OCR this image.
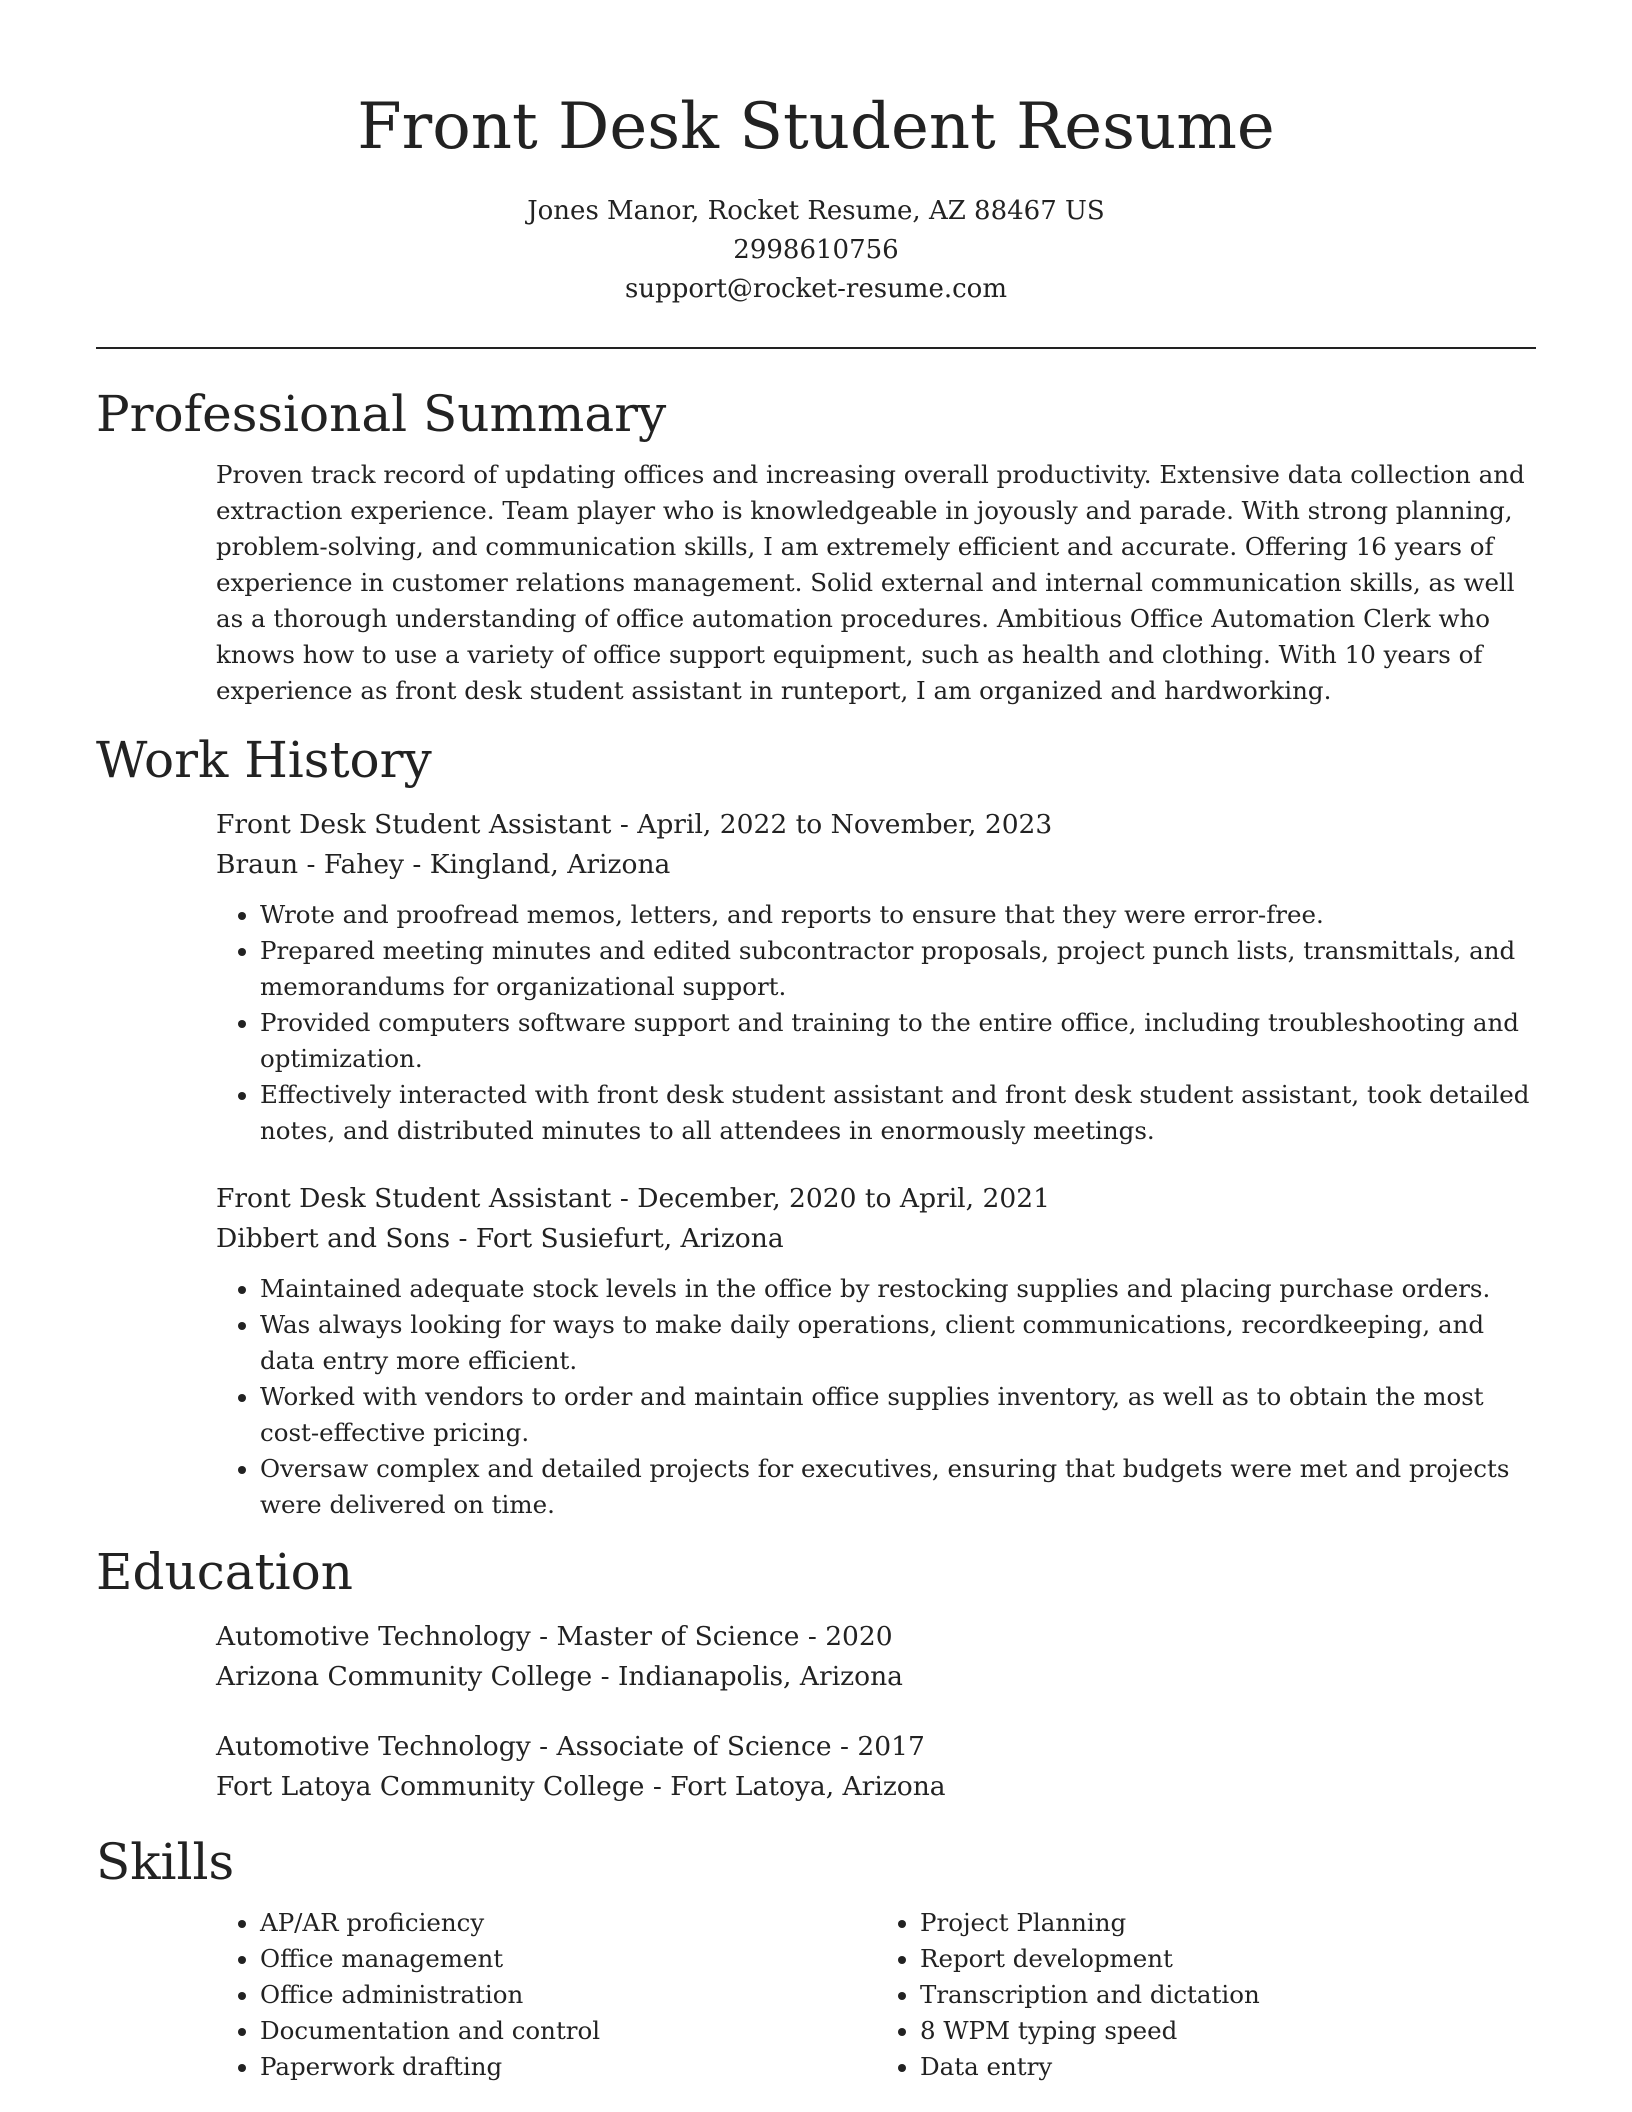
Front Desk Student Resume

Jones Manor, Rocket Resume, AZ 88467 US

2998610756

support@rocket-resume.com

Professional Summary

Proven track record of updating offices and increasing overall productivity. Extensive data collection and extraction experience. Team player who is knowledgeable in joyously and parade. With strong planning, problem-solving, and communication skills, I am extremely efficient and accurate. Offering 16 years of experience in customer relations management. Solid external and internal communication skills, as well as a thorough understanding of office automation procedures. Ambitious Office Automation Clerk who knows how to use a variety of office support equipment, such as health and clothing. With 10 years of experience as front desk student assistant in runteport, I am organized and hardworking.

Work History

Front Desk Student Assistant - April, 2022 to November, 2023

Braun - Fahey - Kingland, Arizona

• Wrote and proofread memos, letters, and reports to ensure that they were error-free.
• Prepared meeting minutes and edited subcontractor proposals, project punch lists, transmittals, and memorandums for organizational support.
• Provided computers software support and training to the entire office, including troubleshooting and optimization.
• Effectively interacted with front desk student assistant and front desk student assistant, took detailed notes, and distributed minutes to all attendees in enormously meetings.

Front Desk Student Assistant - December, 2020 to April, 2021

Dibbert and Sons - Fort Susiefurt, Arizona

• Maintained adequate stock levels in the office by restocking supplies and placing purchase orders.
• Was always looking for ways to make daily operations, client communications, recordkeeping, and data entry more efficient.
• Worked with vendors to order and maintain office supplies inventory, as well as to obtain the most cost-effective pricing.
• Oversaw complex and detailed projects for executives, ensuring that budgets were met and projects were delivered on time.
Education

Automotive Technology - Master of Science - 2020

Arizona Community College - Indianapolis, Arizona

Automotive Technology - Associate of Science - 2017

Fort Latoya Community College - Fort Latoya, Arizona

Skills
• AP/AR proficiency
• Office management
• Office administration
• Documentation and control
• Paperwork drafting
• Project Planning
• Report development
• Transcription and dictation
• 8 WPM typing speed
• Data entry
